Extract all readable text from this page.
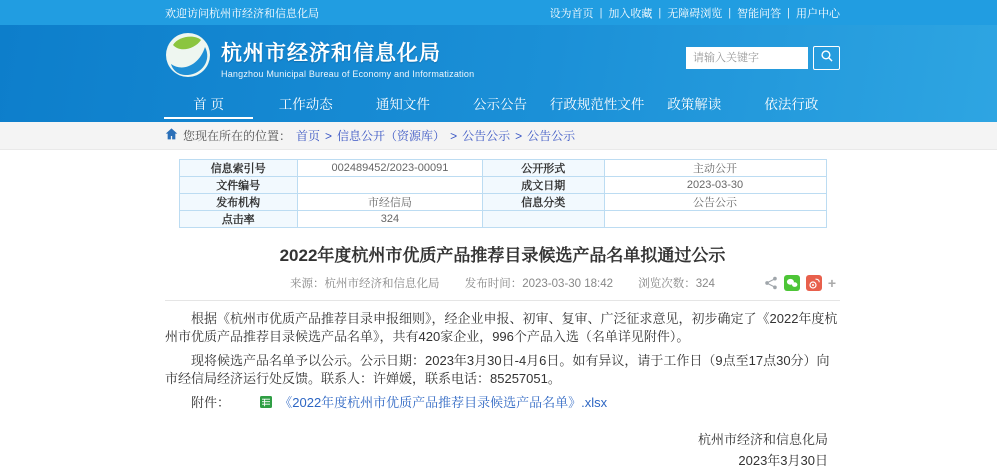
欢迎访问杭州市经济和信息化局	设为首页 | 加入收藏 | 无障碍浏览 | 智能问答 | 用户中心
杭州市经济和信息化局
Hangzhou Municipal Bureau of Economy and Informatization
请输入关键字
首 页	工作动态	通知文件	公示公告	行政规范性文件	政策解读	依法行政
您现在所在的位置： 首页 > 信息公开（资源库） > 公告公示 > 公告公示
信息索引号	002489452/2023-00091	公开形式	主动公开
文件编号		成文日期	2023-03-30
发布机构	市经信局	信息分类	公告公示
点击率	324		
2022年度杭州市优质产品推荐目录候选产品名单拟通过公示
来源：杭州市经济和信息化局 发布时间：2023-03-30 18:42 浏览次数：324	+

根据《杭州市优质产品推荐目录申报细则》，经企业申报、初审、复审、广泛征求意见，初步确定了《2022年度杭州市优质产品推荐目录候选产品名单》，共有420家企业，996个产品入选（名单详见附件）。

现将候选产品名单予以公示。公示日期：2023年3月30日-4月6日。如有异议，请于工作日（9点至17点30分）向市经信局经济运行处反馈。联系人：许婵媛，联系电话：85257051。

附件：	《2022年度杭州市优质产品推荐目录候选产品名单》.xlsx
杭州市经济和信息化局
2023年3月30日
